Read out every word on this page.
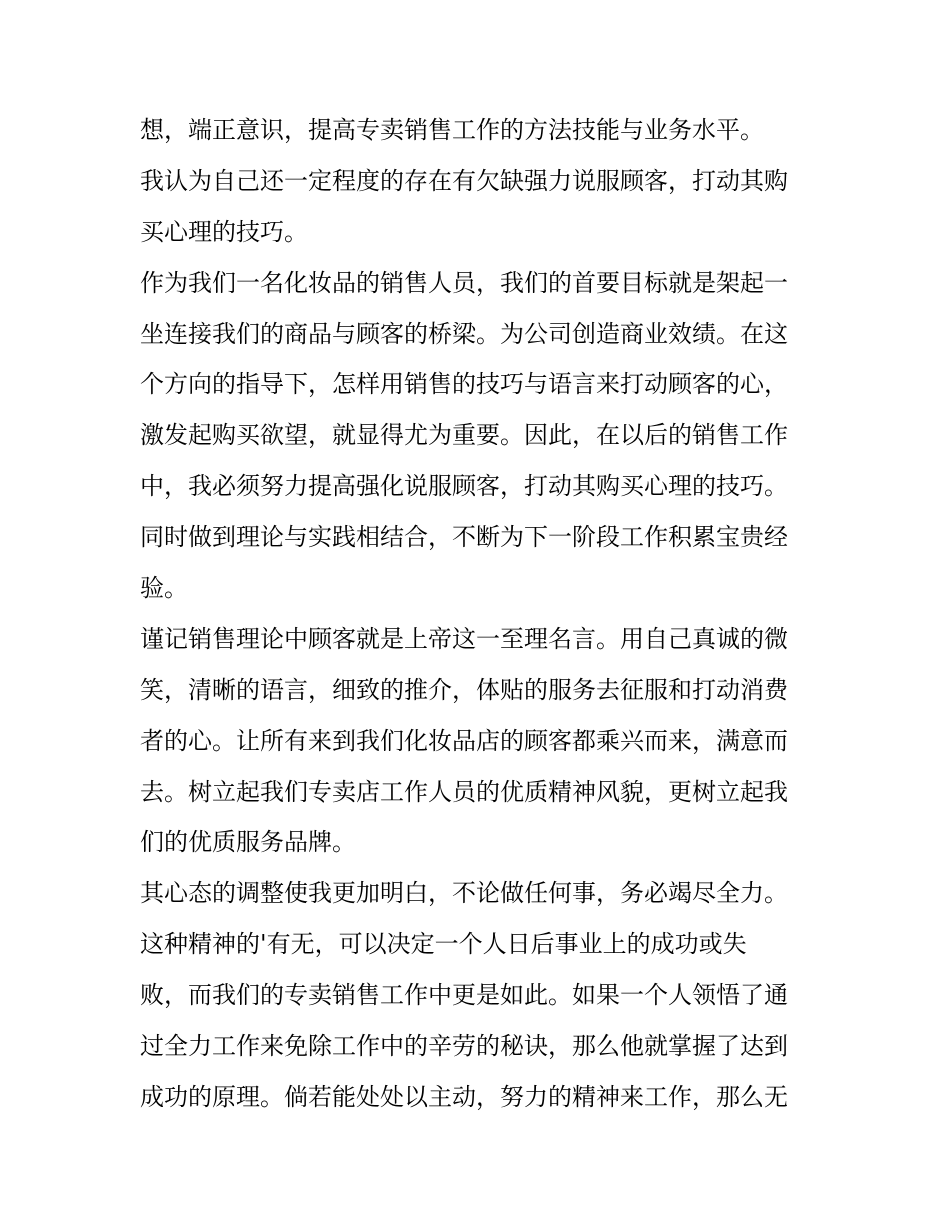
想，端正意识，提高专卖销售工作的方法技能与业务水平。
我认为自己还一定程度的存在有欠缺强力说服顾客，打动其购
买心理的技巧。
作为我们一名化妆品的销售人员，我们的首要目标就是架起一
坐连接我们的商品与顾客的桥梁。为公司创造商业效绩。在这
个方向的指导下，怎样用销售的技巧与语言来打动顾客的心，
激发起购买欲望，就显得尤为重要。因此，在以后的销售工作
中，我必须努力提高强化说服顾客，打动其购买心理的技巧。
同时做到理论与实践相结合，不断为下一阶段工作积累宝贵经
验。
谨记销售理论中顾客就是上帝这一至理名言。用自己真诚的微
笑，清晰的语言，细致的推介，体贴的服务去征服和打动消费
者的心。让所有来到我们化妆品店的顾客都乘兴而来，满意而
去。树立起我们专卖店工作人员的优质精神风貌，更树立起我
们的优质服务品牌。
其心态的调整使我更加明白，不论做任何事，务必竭尽全力。
这种精神的'有无，可以决定一个人日后事业上的成功或失
败，而我们的专卖销售工作中更是如此。如果一个人领悟了通
过全力工作来免除工作中的辛劳的秘诀，那么他就掌握了达到
成功的原理。倘若能处处以主动，努力的精神来工作，那么无
